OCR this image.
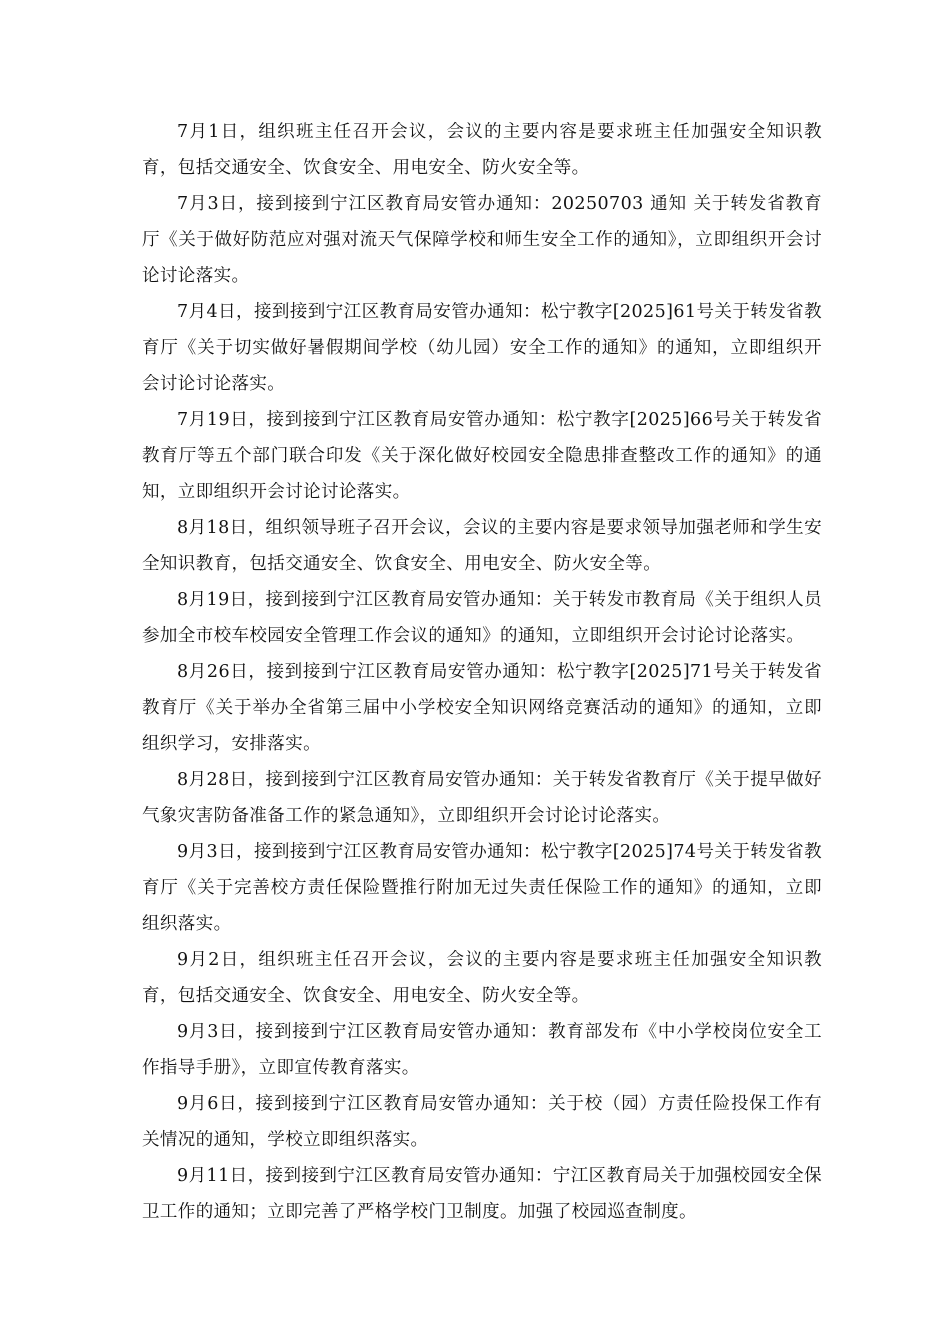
7月1日，组织班主任召开会议，会议的主要内容是要求班主任加强安全知识教育，包括交通安全、饮食安全、用电安全、防火安全等。

7月3日，接到接到宁江区教育局安管办通知：20250703 通知 关于转发省教育厅《关于做好防范应对强对流天气保障学校和师生安全工作的通知》，立即组织开会讨论讨论落实。

7月4日，接到接到宁江区教育局安管办通知：松宁教字[2025]61号关于转发省教育厅《关于切实做好暑假期间学校（幼儿园）安全工作的通知》的通知，立即组织开会讨论讨论落实。

7月19日，接到接到宁江区教育局安管办通知：松宁教字[2025]66号关于转发省教育厅等五个部门联合印发《关于深化做好校园安全隐患排查整改工作的通知》的通知，立即组织开会讨论讨论落实。

8月18日，组织领导班子召开会议，会议的主要内容是要求领导加强老师和学生安全知识教育，包括交通安全、饮食安全、用电安全、防火安全等。

8月19日，接到接到宁江区教育局安管办通知：关于转发市教育局《关于组织人员参加全市校车校园安全管理工作会议的通知》的通知，立即组织开会讨论讨论落实。

8月26日，接到接到宁江区教育局安管办通知：松宁教字[2025]71号关于转发省教育厅《关于举办全省第三届中小学校安全知识网络竞赛活动的通知》的通知，立即组织学习，安排落实。

8月28日，接到接到宁江区教育局安管办通知：关于转发省教育厅《关于提早做好气象灾害防备准备工作的紧急通知》，立即组织开会讨论讨论落实。

9月3日，接到接到宁江区教育局安管办通知：松宁教字[2025]74号关于转发省教育厅《关于完善校方责任保险暨推行附加无过失责任保险工作的通知》的通知，立即组织落实。

9月2日，组织班主任召开会议，会议的主要内容是要求班主任加强安全知识教育，包括交通安全、饮食安全、用电安全、防火安全等。

9月3日，接到接到宁江区教育局安管办通知：教育部发布《中小学校岗位安全工作指导手册》，立即宣传教育落实。

9月6日，接到接到宁江区教育局安管办通知：关于校（园）方责任险投保工作有关情况的通知，学校立即组织落实。

9月11日，接到接到宁江区教育局安管办通知：宁江区教育局关于加强校园安全保卫工作的通知；立即完善了严格学校门卫制度。加强了校园巡查制度。
